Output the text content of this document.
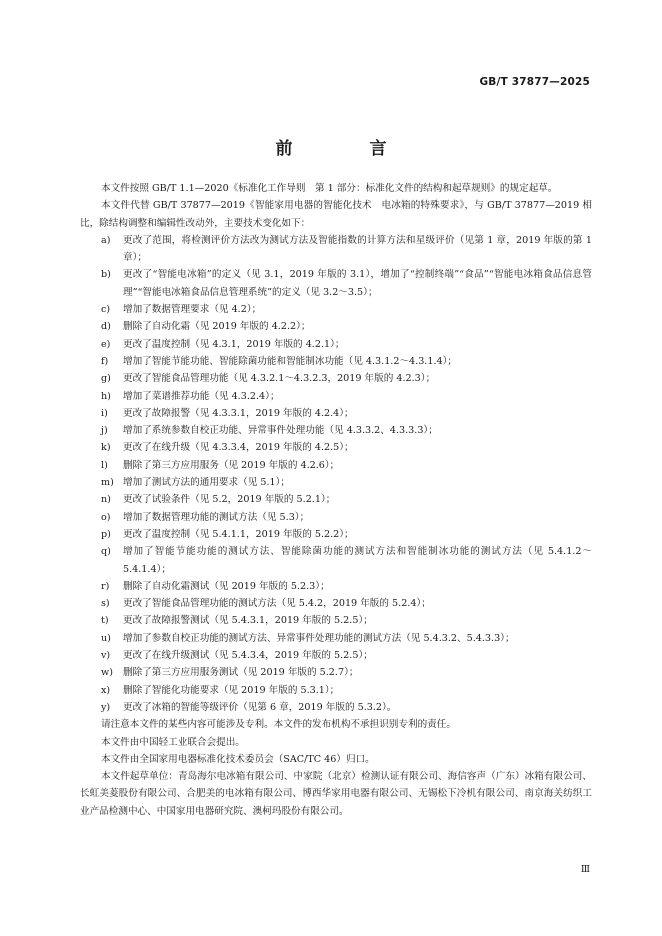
GB/T 37877—2025
前　言

本文件按照 GB/T 1.1—2020《标准化工作导则　第 1 部分：标准化文件的结构和起草规则》的规定起草。

本文件代替 GB/T 37877—2019《智能家用电器的智能化技术　电冰箱的特殊要求》，与 GB/T 37877—2019 相比，除结构调整和编辑性改动外，主要技术变化如下：

a)	更改了范围，将检测评价方法改为测试方法及智能指数的计算方法和星级评价（见第 1 章，2019 年版的第 1 章）；
b)	更改了“智能电冰箱”的定义（见 3.1，2019 年版的 3.1），增加了“控制终端”“食品”“智能电冰箱食品信息管理”“智能电冰箱食品信息管理系统”的定义（见 3.2～3.5）；
c)	增加了数据管理要求（见 4.2）；
d)	删除了自动化霜（见 2019 年版的 4.2.2）；
e)	更改了温度控制（见 4.3.1，2019 年版的 4.2.1）；
f)	增加了智能节能功能、智能除菌功能和智能制冰功能（见 4.3.1.2～4.3.1.4）；
g)	更改了智能食品管理功能（见 4.3.2.1～4.3.2.3，2019 年版的 4.2.3）；
h)	增加了菜谱推荐功能（见 4.3.2.4）；
i)	更改了故障报警（见 4.3.3.1，2019 年版的 4.2.4）；
j)	增加了系统参数自校正功能、异常事件处理功能（见 4.3.3.2、4.3.3.3）；
k)	更改了在线升级（见 4.3.3.4，2019 年版的 4.2.5）；
l)	删除了第三方应用服务（见 2019 年版的 4.2.6）；
m) 增加了测试方法的通用要求（见 5.1）；
n)	更改了试验条件（见 5.2，2019 年版的 5.2.1）；
o)	增加了数据管理功能的测试方法（见 5.3）；
p)	更改了温度控制（见 5.4.1.1，2019 年版的 5.2.2）；
q)	增加了智能节能功能的测试方法、智能除菌功能的测试方法和智能制冰功能的测试方法（见 5.4.1.2～5.4.1.4）；
r)	删除了自动化霜测试（见 2019 年版的 5.2.3）；
s)	更改了智能食品管理功能的测试方法（见 5.4.2，2019 年版的 5.2.4）；
t)	更改了故障报警测试（见 5.4.3.1，2019 年版的 5.2.5）；
u)	增加了参数自校正功能的测试方法、异常事件处理功能的测试方法（见 5.4.3.2、5.4.3.3）；
v)	更改了在线升级测试（见 5.4.3.4，2019 年版的 5.2.5）；
w)	删除了第三方应用服务测试（见 2019 年版的 5.2.7）；
x)	删除了智能化功能要求（见 2019 年版的 5.3.1）；
y)	更改了冰箱的智能等级评价（见第 6 章，2019 年版的 5.3.2）。

请注意本文件的某些内容可能涉及专利。本文件的发布机构不承担识别专利的责任。

本文件由中国轻工业联合会提出。

本文件由全国家用电器标准化技术委员会（SAC/TC 46）归口。

本文件起草单位：青岛海尔电冰箱有限公司、中家院（北京）检测认证有限公司、海信容声（广东）冰箱有限公司、长虹美菱股份有限公司、合肥美的电冰箱有限公司、博西华家用电器有限公司、无锡松下冷机有限公司、南京海关纺织工业产品检测中心、中国家用电器研究院、澳柯玛股份有限公司。

Ⅲ
